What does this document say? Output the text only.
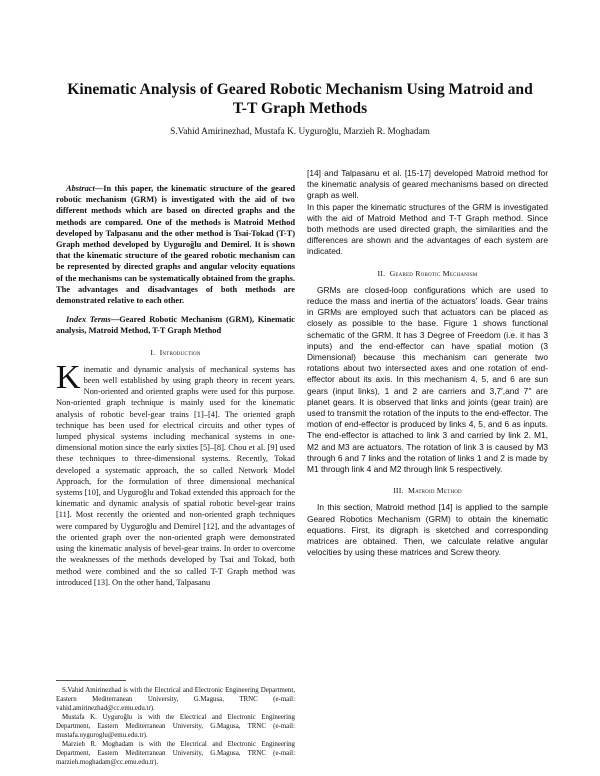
Kinematic Analysis of Geared Robotic Mechanism Using Matroid and T-T Graph Methods
S.Vahid Amirinezhad, Mustafa K. Uyguroğlu, Marzieh R. Moghadam

Abstract—In this paper, the kinematic structure of the geared robotic mechanism (GRM) is investigated with the aid of two different methods which are based on directed graphs and the methods are compared. One of the methods is Matroid Method developed by Talpasanu and the other method is Tsai-Tokad (T-T) Graph method developed by Uyguroğlu and Demirel. It is shown that the kinematic structure of the geared robotic mechanism can be represented by directed graphs and angular velocity equations of the mechanisms can be systematically obtained from the graphs. The advantages and disadvantages of both methods are demonstrated relative to each other.

Index Terms—Geared Robotic Mechanism (GRM), Kinematic analysis, Matroid Method, T-T Graph Method

I. Introduction

Kinematic and dynamic analysis of mechanical systems has been well established by using graph theory in recent years. Non-oriented and oriented graphs were used for this purpose. Non-oriented graph technique is mainly used for the kinematic analysis of robotic bevel-gear trains [1]–[4]. The oriented graph technique has been used for electrical circuits and other types of lumped physical systems including mechanical systems in one-dimensional motion since the early sixties [5]–[8]. Chou et al. [9] used these techniques to three-dimensional systems. Recently, Tokad developed a systematic approach, the so called Network Model Approach, for the formulation of three dimensional mechanical systems [10], and Uyguroğlu and Tokad extended this approach for the kinematic and dynamic analysis of spatial robotic bevel-gear trains [11]. Most recently the oriented and non-oriented graph techniques were compared by Uyguroğlu and Demirel [12], and the advantages of the oriented graph over the non-oriented graph were demonstrated using the kinematic analysis of bevel-gear trains. In order to overcome the weaknesses of the methods developed by Tsai and Tokad, both method were combined and the so called T-T Graph method was introduced [13]. On the other hand, Talpasanu

[14] and Talpasanu et al. [15-17] developed Matroid method for the kinematic analysis of geared mechanisms based on directed graph as well.

In this paper the kinematic structures of the GRM is investigated with the aid of Matroid Method and T-T Graph method. Since both methods are used directed graph, the similarities and the differences are shown and the advantages of each system are indicated.

II. Geared Robotic Mechanism

GRMs are closed-loop configurations which are used to reduce the mass and inertia of the actuators' loads. Gear trains in GRMs are employed such that actuators can be placed as closely as possible to the base. Figure 1 shows functional schematic of the GRM. It has 3 Degree of Freedom (i.e. it has 3 inputs) and the end-effector can have spatial motion (3 Dimensional) because this mechanism can generate two rotations about two intersected axes and one rotation of end-effector about its axis. In this mechanism 4, 5, and 6 are sun gears (input links), 1 and 2 are carriers and 3,7′,and 7″ are planet gears. It is observed that links and joints (gear train) are used to transmit the rotation of the inputs to the end-effector. The motion of end-effector is produced by links 4, 5, and 6 as inputs. The end-effector is attached to link 3 and carried by link 2. M1, M2 and M3 are actuators. The rotation of link 3 is caused by M3 through 6 and 7 links and the rotation of links 1 and 2 is made by M1 through link 4 and M2 through link 5 respectively.

III. Matroid Method

In this section, Matroid method [14] is applied to the sample Geared Robotics Mechanism (GRM) to obtain the kinematic equations. First, its digraph is sketched and corresponding matrices are obtained. Then, we calculate relative angular velocities by using these matrices and Screw theory.

S.Vahid Amirinezhad is with the Electrical and Electronic Engineering Department, Eastern Mediterranean University, G.Magusa, TRNC (e-mail: vahid.amirinezhad@cc.emu.edu.tr).

Mustafa K. Uyguroğlu is with the Electrical and Electronic Engineering Department, Eastern Mediterranean University, G.Magusa, TRNC (e-mail: mustafa.uyguroglu@emu.edu.tr).

Marzieh R. Moghadam is with the Electrical and Electronic Engineering Department, Eastern Mediterranean University, G.Magusa, TRNC (e-mail: marzieh.moghadam@cc.emu.edu.tr).
